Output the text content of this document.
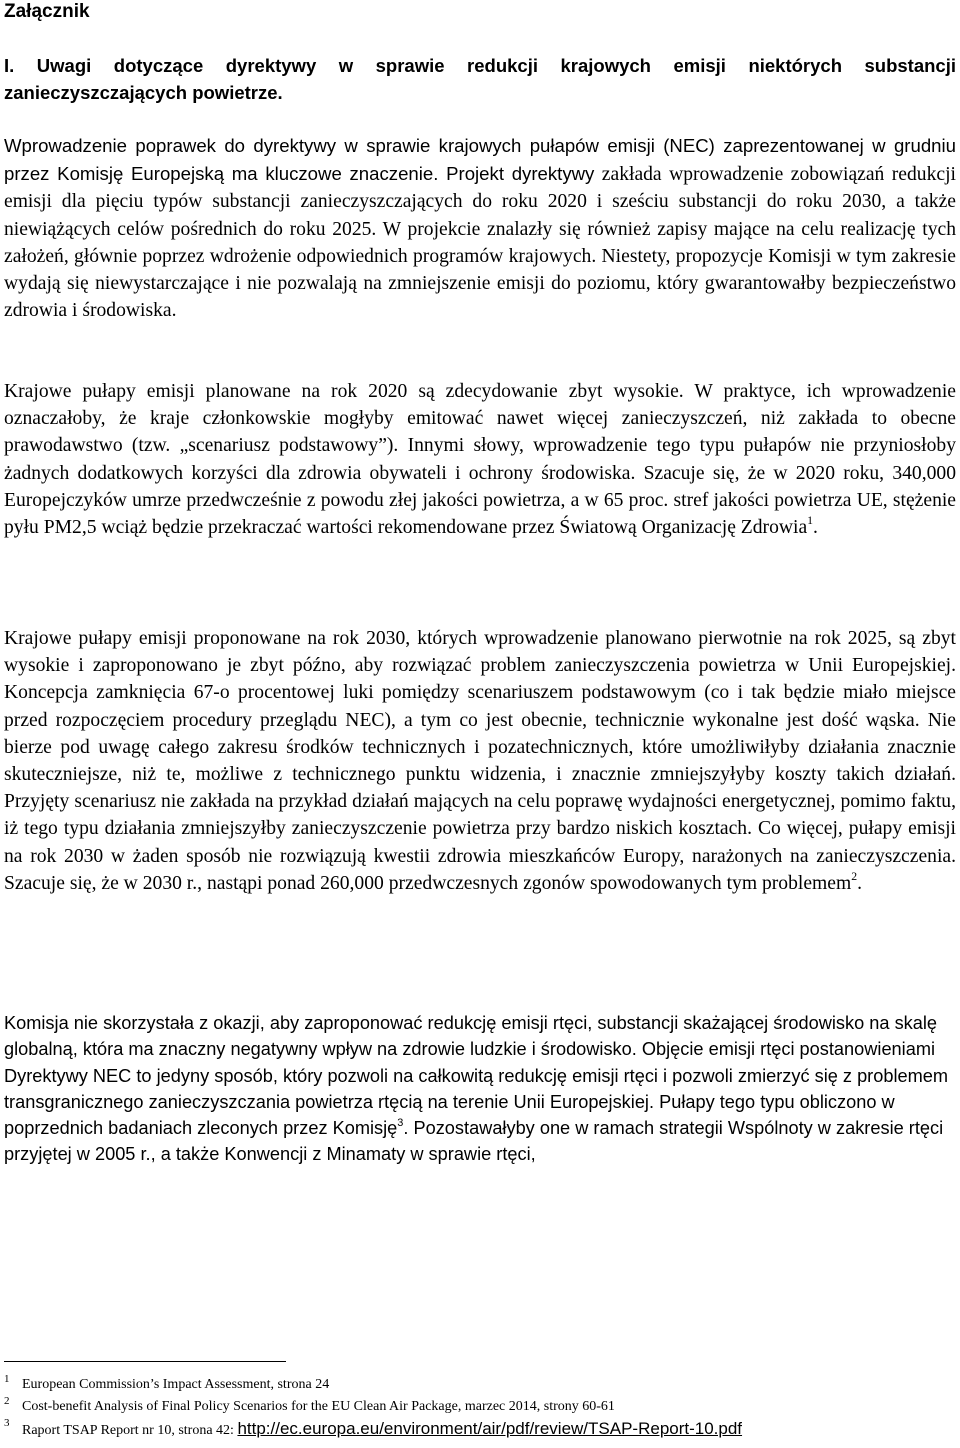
Załącznik
I. Uwagi dotyczące dyrektywy w sprawie redukcji krajowych emisji niektórych substancji zanieczyszczających powietrze.

Wprowadzenie poprawek do dyrektywy w sprawie krajowych pułapów emisji (NEC) zaprezentowanej w grudniu przez Komisję Europejską ma kluczowe znaczenie. Projekt dyrektywy zakłada wprowadzenie zobowiązań redukcji emisji dla pięciu typów substancji zanieczyszczających do roku 2020 i sześciu substancji do roku 2030, a także niewiążących celów pośrednich do roku 2025. W projekcie znalazły się również zapisy mające na celu realizację tych założeń, głównie poprzez wdrożenie odpowiednich programów krajowych. Niestety, propozycje Komisji w tym zakresie wydają się niewystarczające i nie pozwalają na zmniejszenie emisji do poziomu, który gwarantowałby bezpieczeństwo zdrowia i środowiska.

Krajowe pułapy emisji planowane na rok 2020 są zdecydowanie zbyt wysokie. W praktyce, ich wprowadzenie oznaczałoby, że kraje członkowskie mogłyby emitować nawet więcej zanieczyszczeń, niż zakłada to obecne prawodawstwo (tzw. „scenariusz podstawowy”). Innymi słowy, wprowadzenie tego typu pułapów nie przyniosłoby żadnych dodatkowych korzyści dla zdrowia obywateli i ochrony środowiska. Szacuje się, że w 2020 roku, 340,000 Europejczyków umrze przedwcześnie z powodu złej jakości powietrza, a w 65 proc. stref jakości powietrza UE, stężenie pyłu PM2,5 wciąż będzie przekraczać wartości rekomendowane przez Światową Organizację Zdrowia$^1$.

Krajowe pułapy emisji proponowane na rok 2030, których wprowadzenie planowano pierwotnie na rok 2025, są zbyt wysokie i zaproponowano je zbyt późno, aby rozwiązać problem zanieczyszczenia powietrza w Unii Europejskiej. Koncepcja zamknięcia 67-o procentowej luki pomiędzy scenariuszem podstawowym (co i tak będzie miało miejsce przed rozpoczęciem procedury przeglądu NEC), a tym co jest obecnie, technicznie wykonalne jest dość wąska. Nie bierze pod uwagę całego zakresu środków technicznych i pozatechnicznych, które umożliwiłyby działania znacznie skuteczniejsze, niż te, możliwe z technicznego punktu widzenia, i znacznie zmniejszyłyby koszty takich działań. Przyjęty scenariusz nie zakłada na przykład działań mających na celu poprawę wydajności energetycznej, pomimo faktu, iż tego typu działania zmniejszyłby zanieczyszczenie powietrza przy bardzo niskich kosztach. Co więcej, pułapy emisji na rok 2030 w żaden sposób nie rozwiązują kwestii zdrowia mieszkańców Europy, narażonych na zanieczyszczenia. Szacuje się, że w 2030 r., nastąpi ponad 260,000 przedwczesnych zgonów spowodowanych tym problemem$^2$.

Komisja nie skorzystała z okazji, aby zaproponować redukcję emisji rtęci, substancji skażającej środowisko na skalę globalną, która ma znaczny negatywny wpływ na zdrowie ludzkie i środowisko. Objęcie emisji rtęci postanowieniami Dyrektywy NEC to jedyny sposób, który pozwoli na całkowitą redukcję emisji rtęci i pozwoli zmierzyć się z problemem transgranicznego zanieczyszczania powietrza rtęcią na terenie Unii Europejskiej. Pułapy tego typu obliczono w poprzednich badaniach zleconych przez Komisję$^3$. Pozostawałyby one w ramach strategii Wspólnoty w zakresie rtęci przyjętej w 2005 r., a także Konwencji z Minamaty w sprawie rtęci,

1 European Commission’s Impact Assessment, strona 24
2 Cost-benefit Analysis of Final Policy Scenarios for the EU Clean Air Package, marzec 2014, strony 60-61
3 Raport TSAP Report nr 10, strona 42: http://ec.europa.eu/environment/air/pdf/review/TSAP-Report-10.pdf
